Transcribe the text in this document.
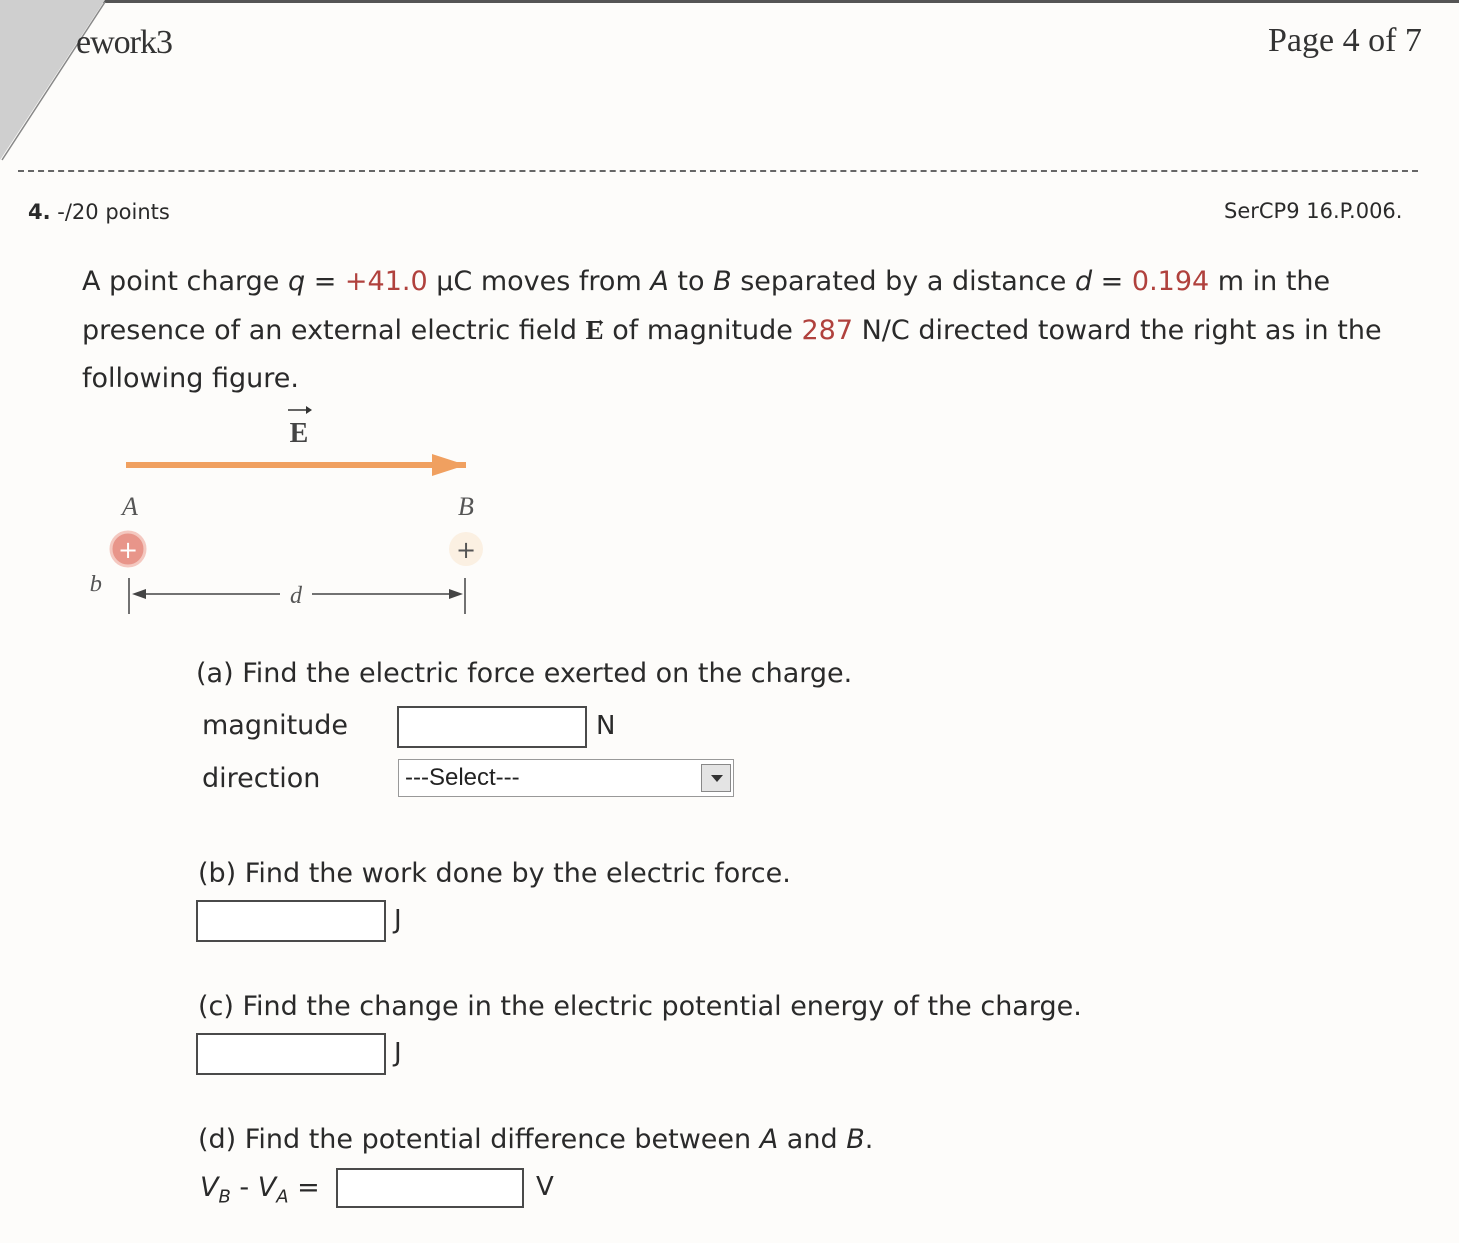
ework3	Page 4 of 7
4. -/20 points	SerCP9 16.P.006.
A point charge q = +41.0 μC moves from A to B separated by a distance d = 0.194 m in the presence of an external electric field → E of magnitude 287 N/C directed toward the right as in the following figure.
E
A	B
+	+
q	d
(a) Find the electric force exerted on the charge.
magnitude	N
direction	---Select---
(b) Find the work done by the electric force.
J
(c) Find the change in the electric potential energy of the charge.
J
(d) Find the potential difference between A and B.
$V_B - V_A$ =	V
